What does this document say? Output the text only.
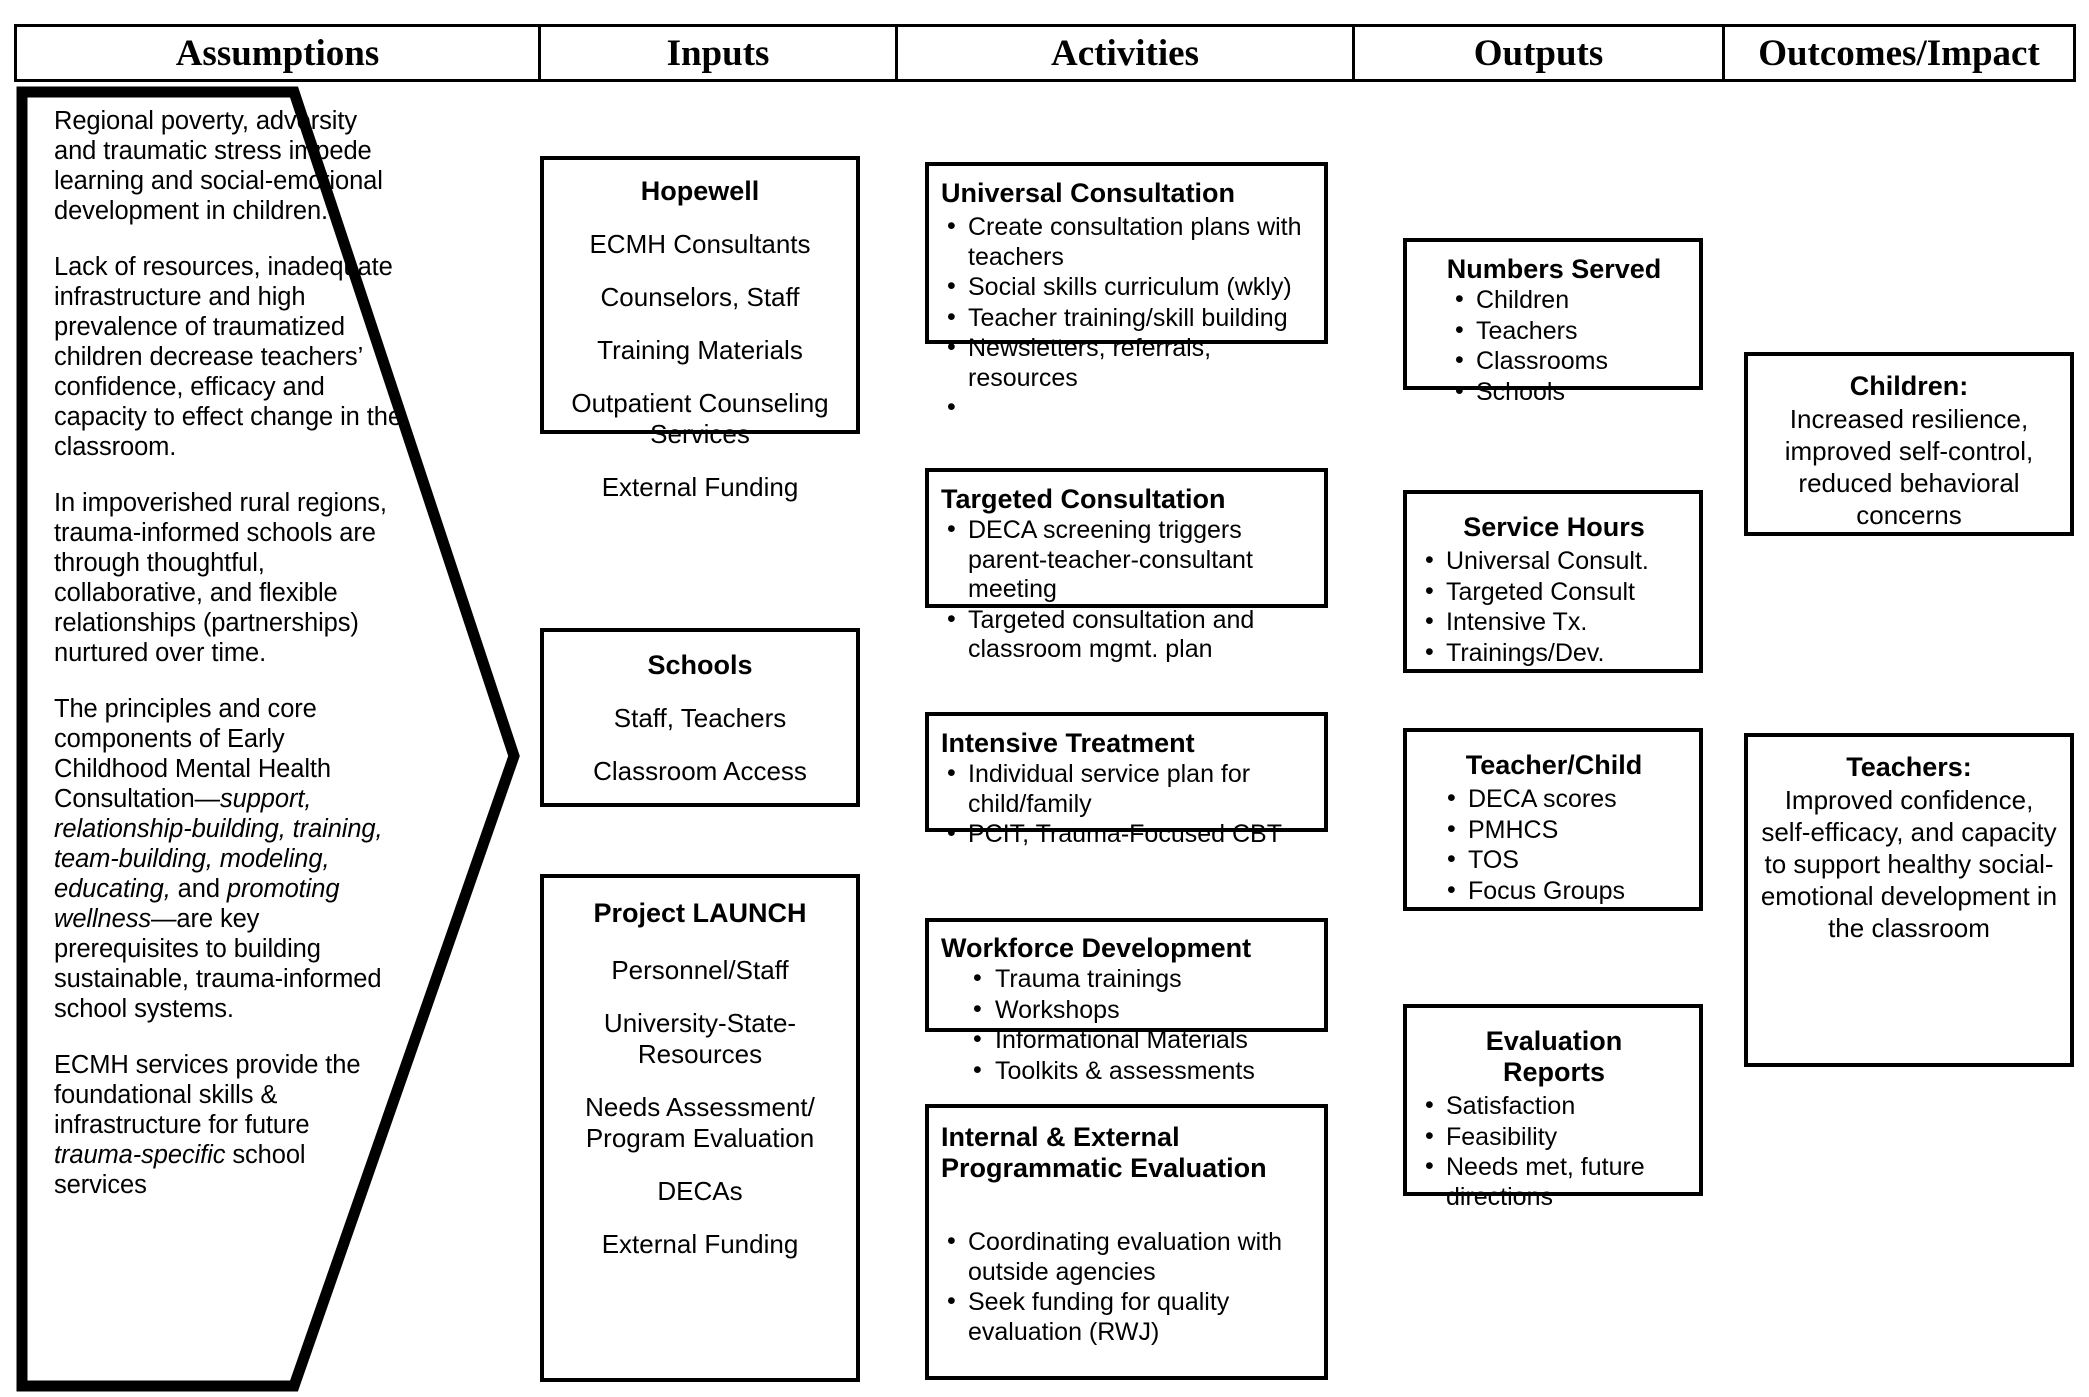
Assumptions	Inputs	Activities	Outputs	Outcomes/Impact

Regional poverty, adversity and traumatic stress impede learning and social-emotional development in children.

Lack of resources, inadequate infrastructure and high prevalence of traumatized children decrease teachers’ confidence, efficacy and capacity to effect change in the classroom.

In impoverished rural regions, trauma-informed schools are through thoughtful, collaborative, and flexible relationships (partnerships) nurtured over time.

The principles and core components of Early Childhood Mental Health Consultation—support, relationship-building, training, team-building, modeling, educating, and promoting wellness—are key prerequisites to building sustainable, trauma-informed school systems.

ECMH services provide the foundational skills & infrastructure for future trauma-specific school services

Hopewell
ECMH Consultants
Counselors, Staff
Training Materials
Outpatient Counseling Services
External Funding
Schools
Staff, Teachers
Classroom Access
Project LAUNCH
Personnel/Staff
University-State-Resources
Needs Assessment/ Program Evaluation
DECAs
External Funding
Universal Consultation
• Create consultation plans with teachers
• Social skills curriculum (wkly)
• Teacher training/skill building
• Newsletters, referrals, resources
Targeted Consultation
• DECA screening triggers parent-teacher-consultant meeting
• Targeted consultation and classroom mgmt. plan
Intensive Treatment
• Individual service plan for child/family
• PCIT, Trauma-Focused CBT
Workforce Development
• Trauma trainings
• Workshops
• Informational Materials
• Toolkits & assessments
Internal & External Programmatic Evaluation
• Coordinating evaluation with outside agencies
• Seek funding for quality evaluation (RWJ)
Numbers Served
• Children
• Teachers
• Classrooms
• Schools
Service Hours
• Universal Consult.
• Targeted Consult
• Intensive Tx.
• Trainings/Dev.
Teacher/Child
• DECA scores
• PMHCS
• TOS
• Focus Groups
Evaluation Reports
• Satisfaction
• Feasibility
• Needs met, future directions
Children:
Increased resilience, improved self-control, reduced behavioral concerns
Teachers:
Improved confidence, self-efficacy, and capacity to support healthy social-emotional development in the classroom
